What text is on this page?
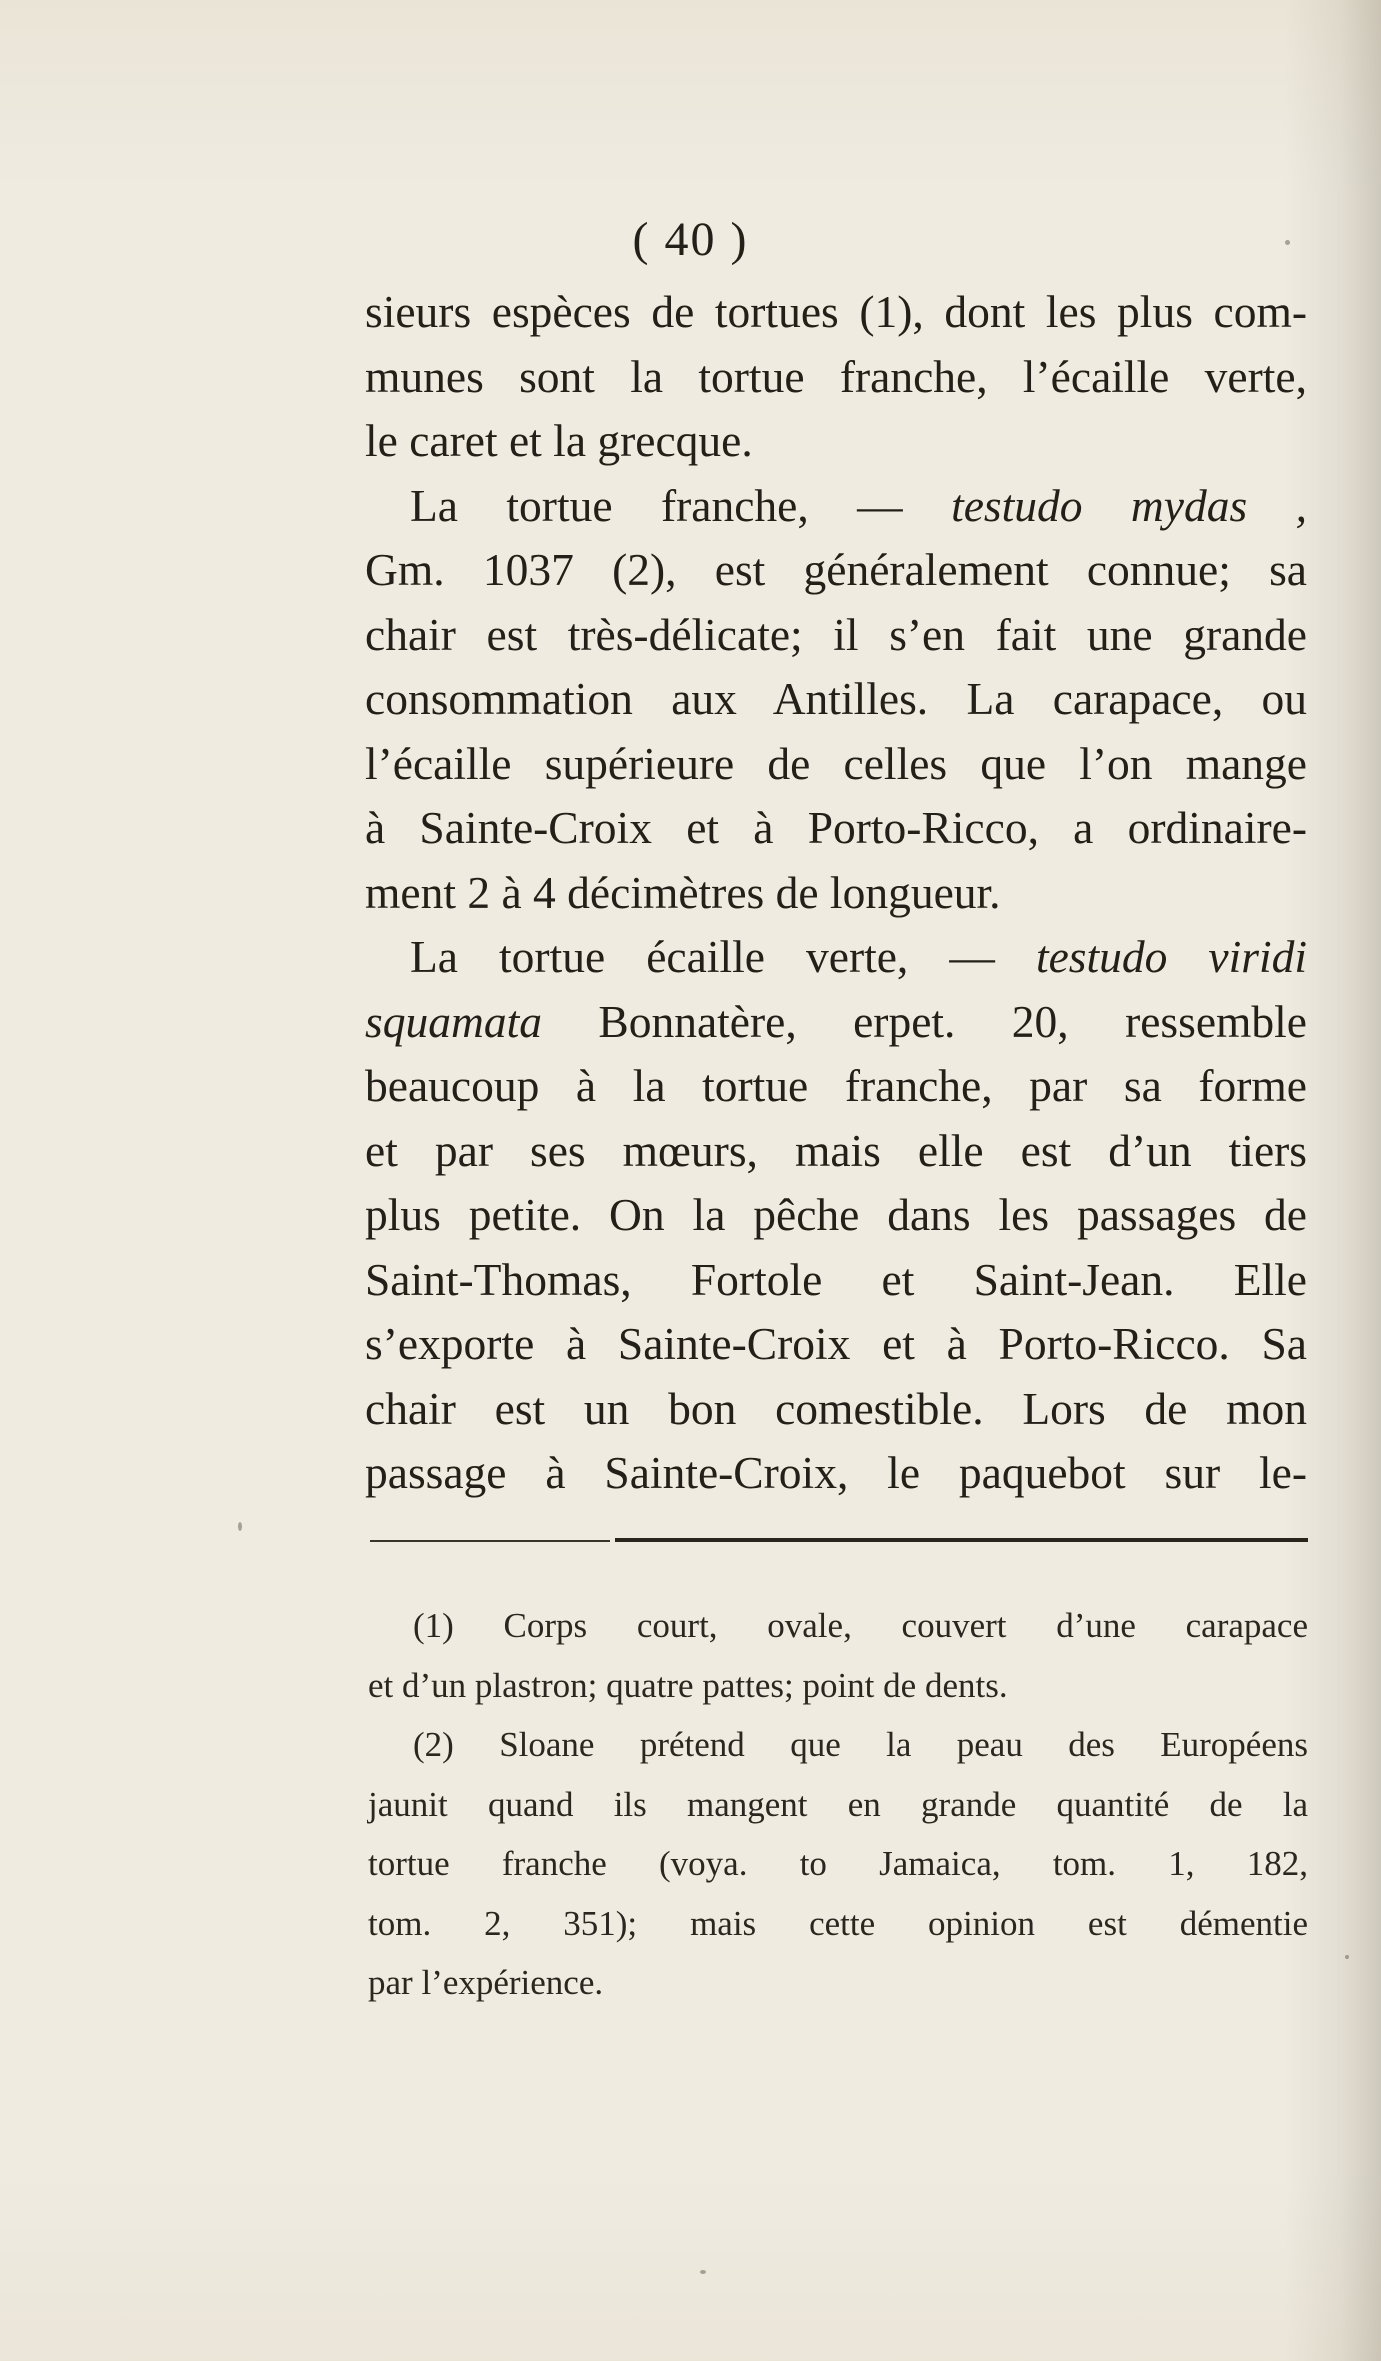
( 40 )
sieurs espèces de tortues (1), dont les plus com-
munes sont la tortue franche, l’écaille verte,
le caret et la grecque.
La tortue franche, — testudo mydas ,
Gm. 1037 (2), est généralement connue; sa
chair est très-délicate; il s’en fait une grande
consommation aux Antilles. La carapace, ou
l’écaille supérieure de celles que l’on mange
à Sainte-Croix et à Porto-Ricco, a ordinaire-
ment 2 à 4 décimètres de longueur.
La tortue écaille verte, — testudo viridi
squamata Bonnatère, erpet. 20, ressemble
beaucoup à la tortue franche, par sa forme
et par ses mœurs, mais elle est d’un tiers
plus petite. On la pêche dans les passages de
Saint-Thomas, Fortole et Saint-Jean. Elle
s’exporte à Sainte-Croix et à Porto-Ricco. Sa
chair est un bon comestible. Lors de mon
passage à Sainte-Croix, le paquebot sur le-
(1) Corps court, ovale, couvert d’une carapace
et d’un plastron; quatre pattes; point de dents.
(2) Sloane prétend que la peau des Européens
jaunit quand ils mangent en grande quantité de la
tortue franche (voya. to Jamaica, tom. 1, 182,
tom. 2, 351); mais cette opinion est démentie
par l’expérience.
